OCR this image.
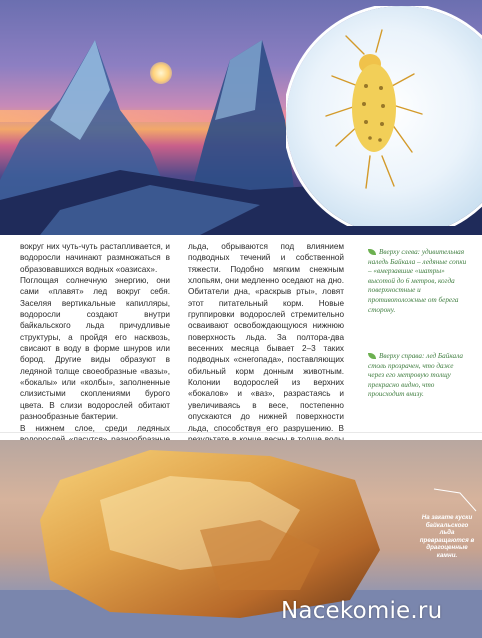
вокруг них чуть-чуть растапливается, и водоросли начинают размножаться в образовавшихся водных «оазисах».

Поглощая солнечную энергию, они сами «плавят» лед вокруг себя. Заселяя вертикальные капилляры, водоросли создают внутри байкальского льда причудливые структуры, а пройдя его насквозь, свисают в воду в форме шнуров или бород. Другие виды образуют в ледяной толще своеобразные «вазы», «бокалы» или «колбы», заполненные слизистыми скоплениями бурого цвета. В слизи водорослей обитают разнообразные бактерии.

В нижнем слое, среди ледяных

льда, обрываются под влиянием подводных течений и собственной тяжести. Подобно мягким снежным хлопьям, они медленно оседают на дно. Обитатели дна, «раскрыв рты», ловят этот питательный корм. Новые группировки водорослей стремительно осваивают освобождающуюся нижнюю поверхность льда. За полтора-два весенних месяца бывает 2–3 таких подводных «снегопада», поставляющих обильный корм донным животным. Колонии водорослей из верхних «бокалов» и «ваз», разрастаясь и увеличиваясь в весе, постепенно опускаются до нижней поверхности льда, способствуя его разрушению. В

Вверху слева: удивительная наледь Байкала – ледяные сопки – «вмерзавшие «шатры» высотой до 6 метров, когда поверхностные и противоположные от берега сторону.
Вверху справа: лед Байкала столь прозрачен, что даже через его метровую толщу прекрасно видно, что происходит внизу.
На закате куски байкальского льда превращаются в драгоценные камни.
Nacekomie.ru
